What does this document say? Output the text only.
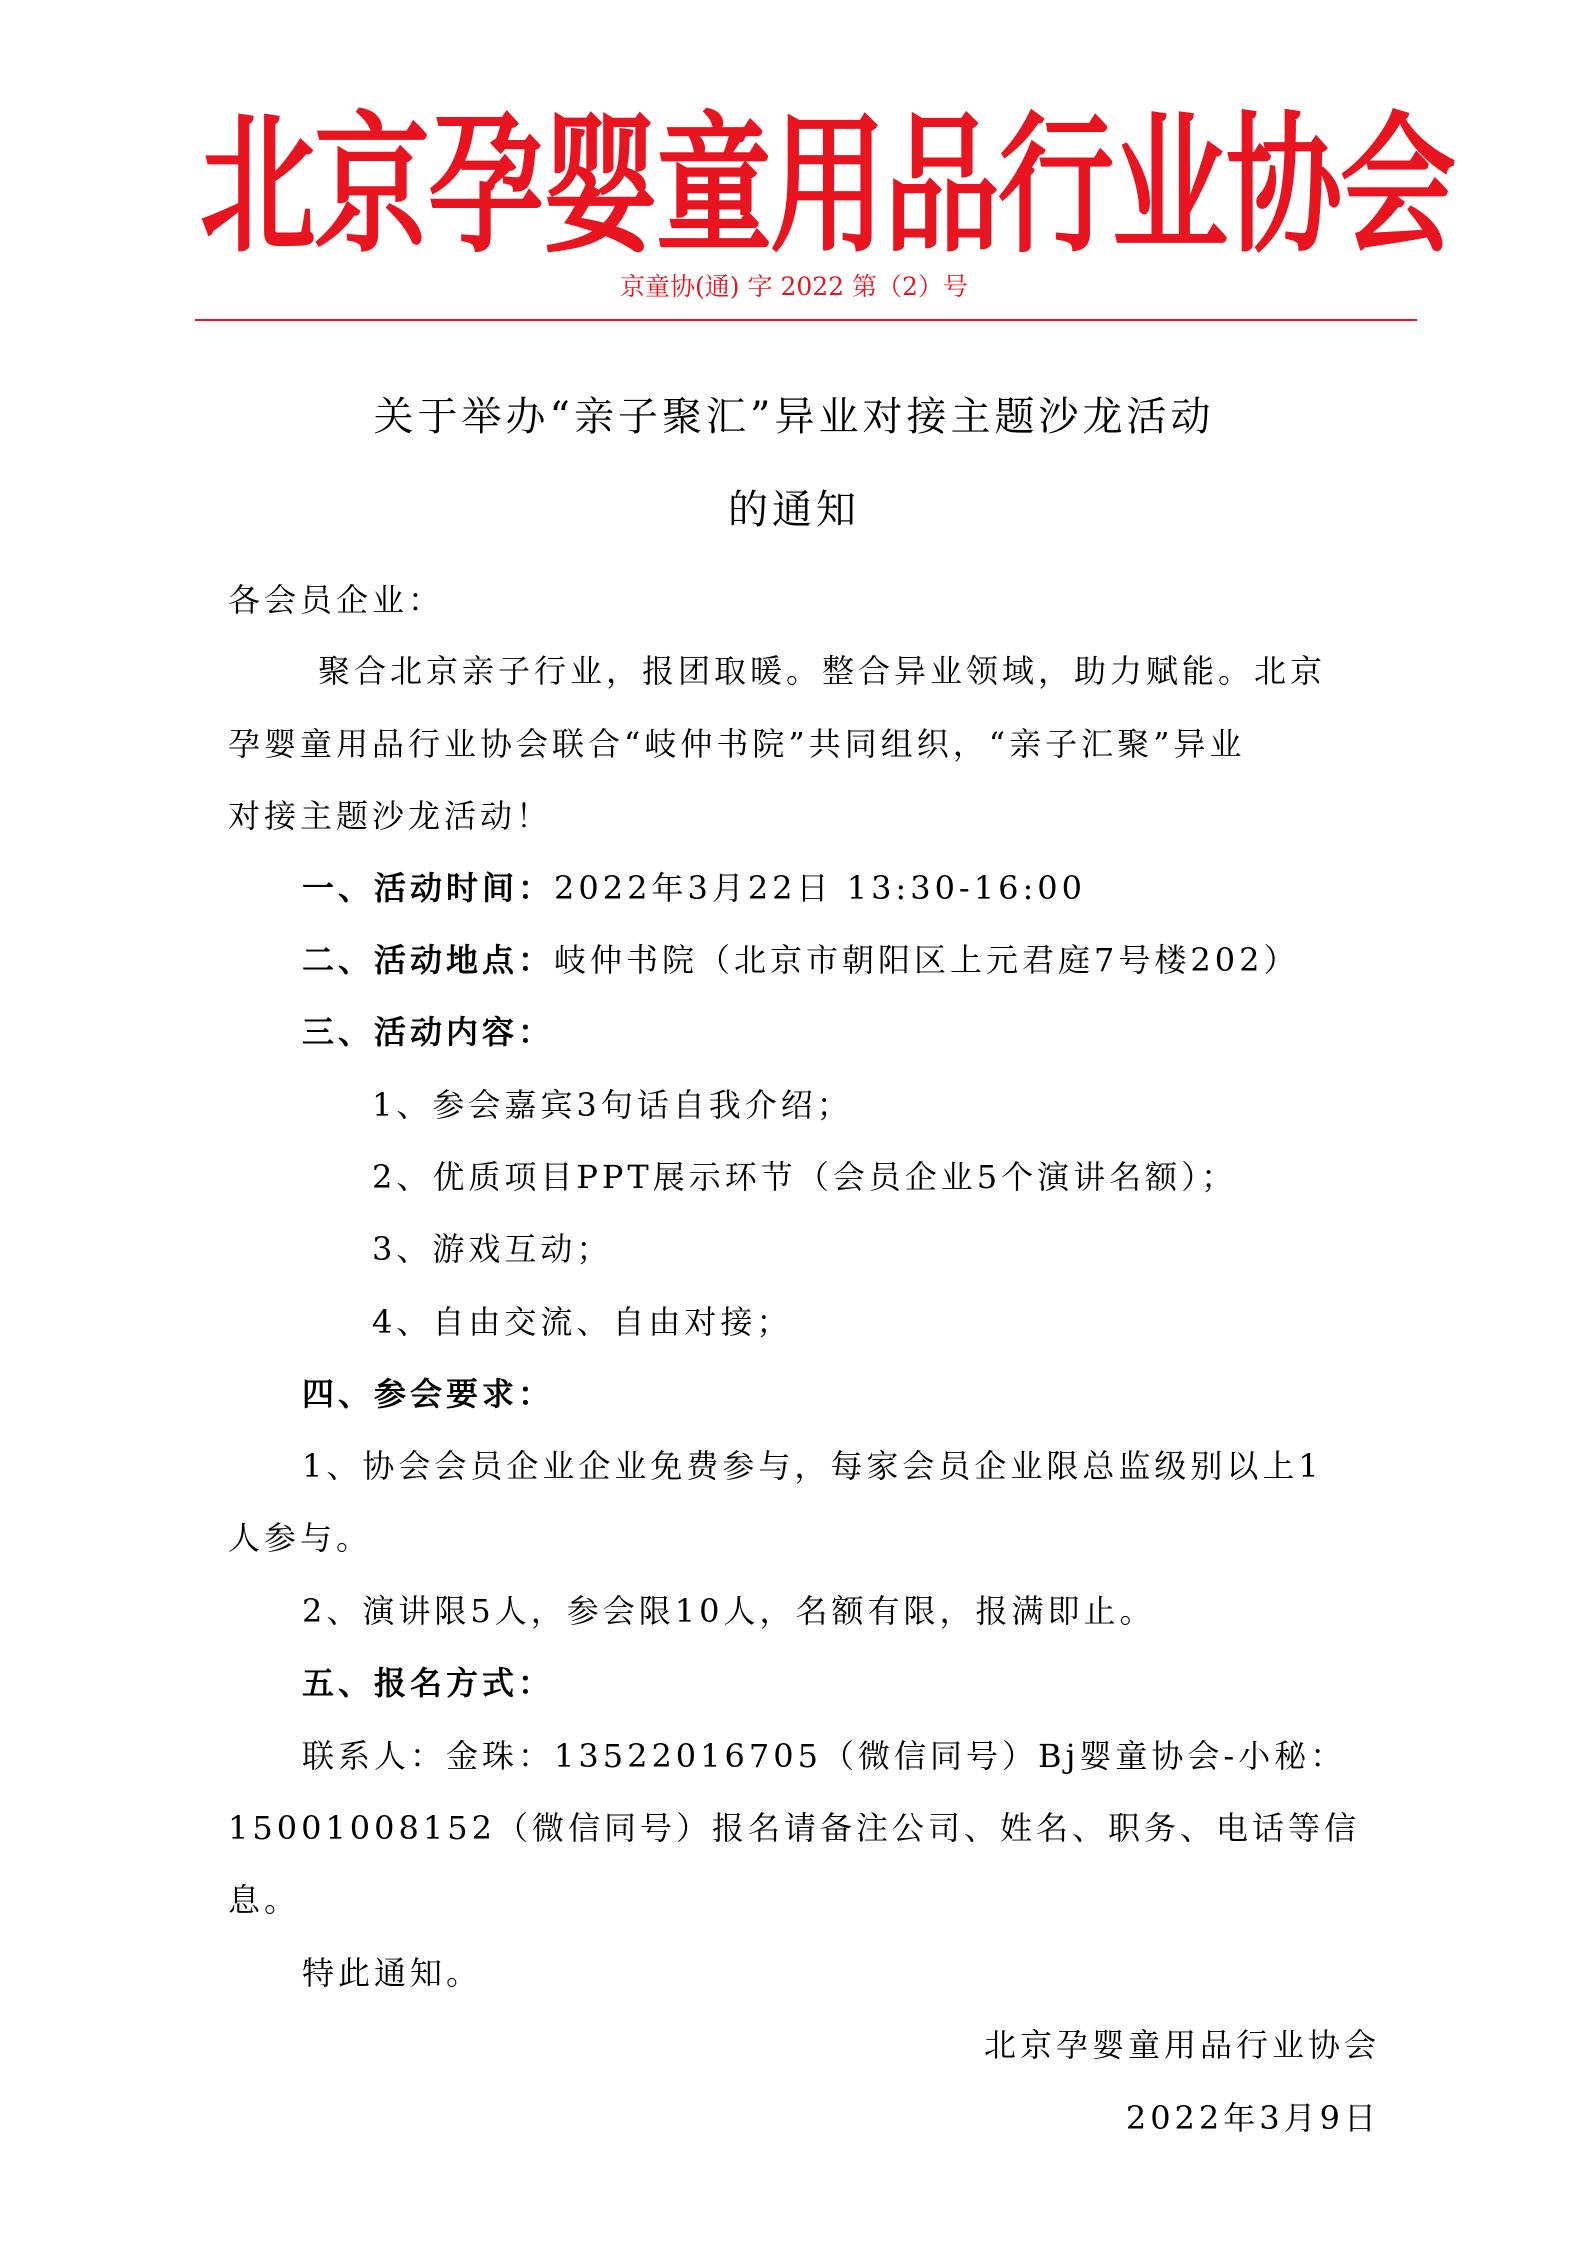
北京孕婴童用品行业协会
京童协(通) 字 2022 第（2）号
关于举办“亲子聚汇”异业对接主题沙龙活动
的通知
各会员企业：
聚合北京亲子行业，报团取暖。整合异业领域，助力赋能。北京
孕婴童用品行业协会联合“岐仲书院”共同组织，“亲子汇聚”异业
对接主题沙龙活动！
一、活动时间：2022年3月22日 13:30-16:00
二、活动地点：岐仲书院（北京市朝阳区上元君庭7号楼202）
三、活动内容：
1、参会嘉宾3句话自我介绍；
2、优质项目PPT展示环节（会员企业5个演讲名额）；
3、游戏互动；
4、自由交流、自由对接；
四、参会要求：
1、协会会员企业企业免费参与，每家会员企业限总监级别以上1
人参与。
2、演讲限5人，参会限10人，名额有限，报满即止。
五、报名方式：
联系人：金珠：13522016705（微信同号）Bj婴童协会-小秘：
15001008152（微信同号）报名请备注公司、姓名、职务、电话等信
息。
特此通知。
北京孕婴童用品行业协会
2022年3月9日
